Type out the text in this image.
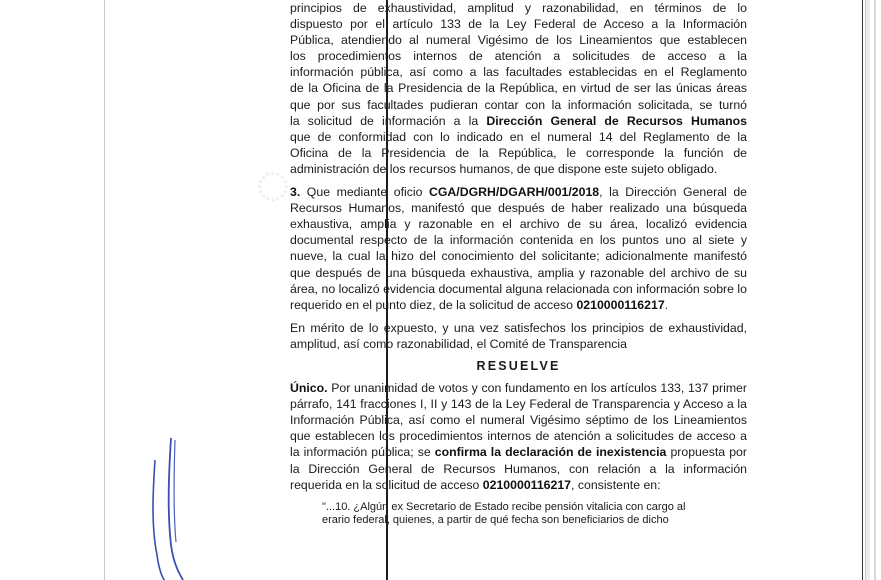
◌

principios de exhaustividad, amplitud y razonabilidad, en términos de lo

dispuesto por el artículo 133 de la Ley Federal de Acceso a la Información

Pública, atendiendo al numeral Vigésimo de los Lineamientos que establecen

los procedimientos internos de atención a solicitudes de acceso a la

información pública, así como a las facultades establecidas en el Reglamento

de la Oficina de la Presidencia de la República, en virtud de ser las únicas áreas

que por sus facultades pudieran contar con la información solicitada, se turnó

la solicitud de información a la Dirección General de Recursos Humanos

que de conformidad con lo indicado en el numeral 14 del Reglamento de la

Oficina de la Presidencia de la República, le corresponde la función de

administración de los recursos humanos, de que dispone este sujeto obligado.

3. Que mediante oficio CGA/DGRH/DGARH/001/2018, la Dirección General de Recursos Humanos, manifestó que después de haber realizado una búsqueda exhaustiva, amplia y razonable en el archivo de su área, localizó evidencia documental respecto de la información contenida en los puntos uno al siete y nueve, la cual la hizo del conocimiento del solicitante; adicionalmente manifestó que después de una búsqueda exhaustiva, amplia y razonable del archivo de su área, no localizó evidencia documental alguna relacionada con información sobre lo requerido en el punto diez, de la solicitud de acceso 0210000116217.

En mérito de lo expuesto, y una vez satisfechos los principios de exhaustividad, amplitud, así como razonabilidad, el Comité de Transparencia

RESUELVE

Único. Por unanimidad de votos y con fundamento en los artículos 133, 137 primer párrafo, 141 fracciones I, II y 143 de la Ley Federal de Transparencia y Acceso a la Información Pública, así como el numeral Vigésimo séptimo de los Lineamientos que establecen los procedimientos internos de atención a solicitudes de acceso a la información pública; se confirma la declaración de inexistencia propuesta por la Dirección General de Recursos Humanos, con relación a la información requerida en la solicitud de acceso 0210000116217, consistente en:

"...10. ¿Algún ex Secretario de Estado recibe pensión vitalicia con cargo al
erario federal, quienes, a partir de qué fecha son beneficiarios de dicho
